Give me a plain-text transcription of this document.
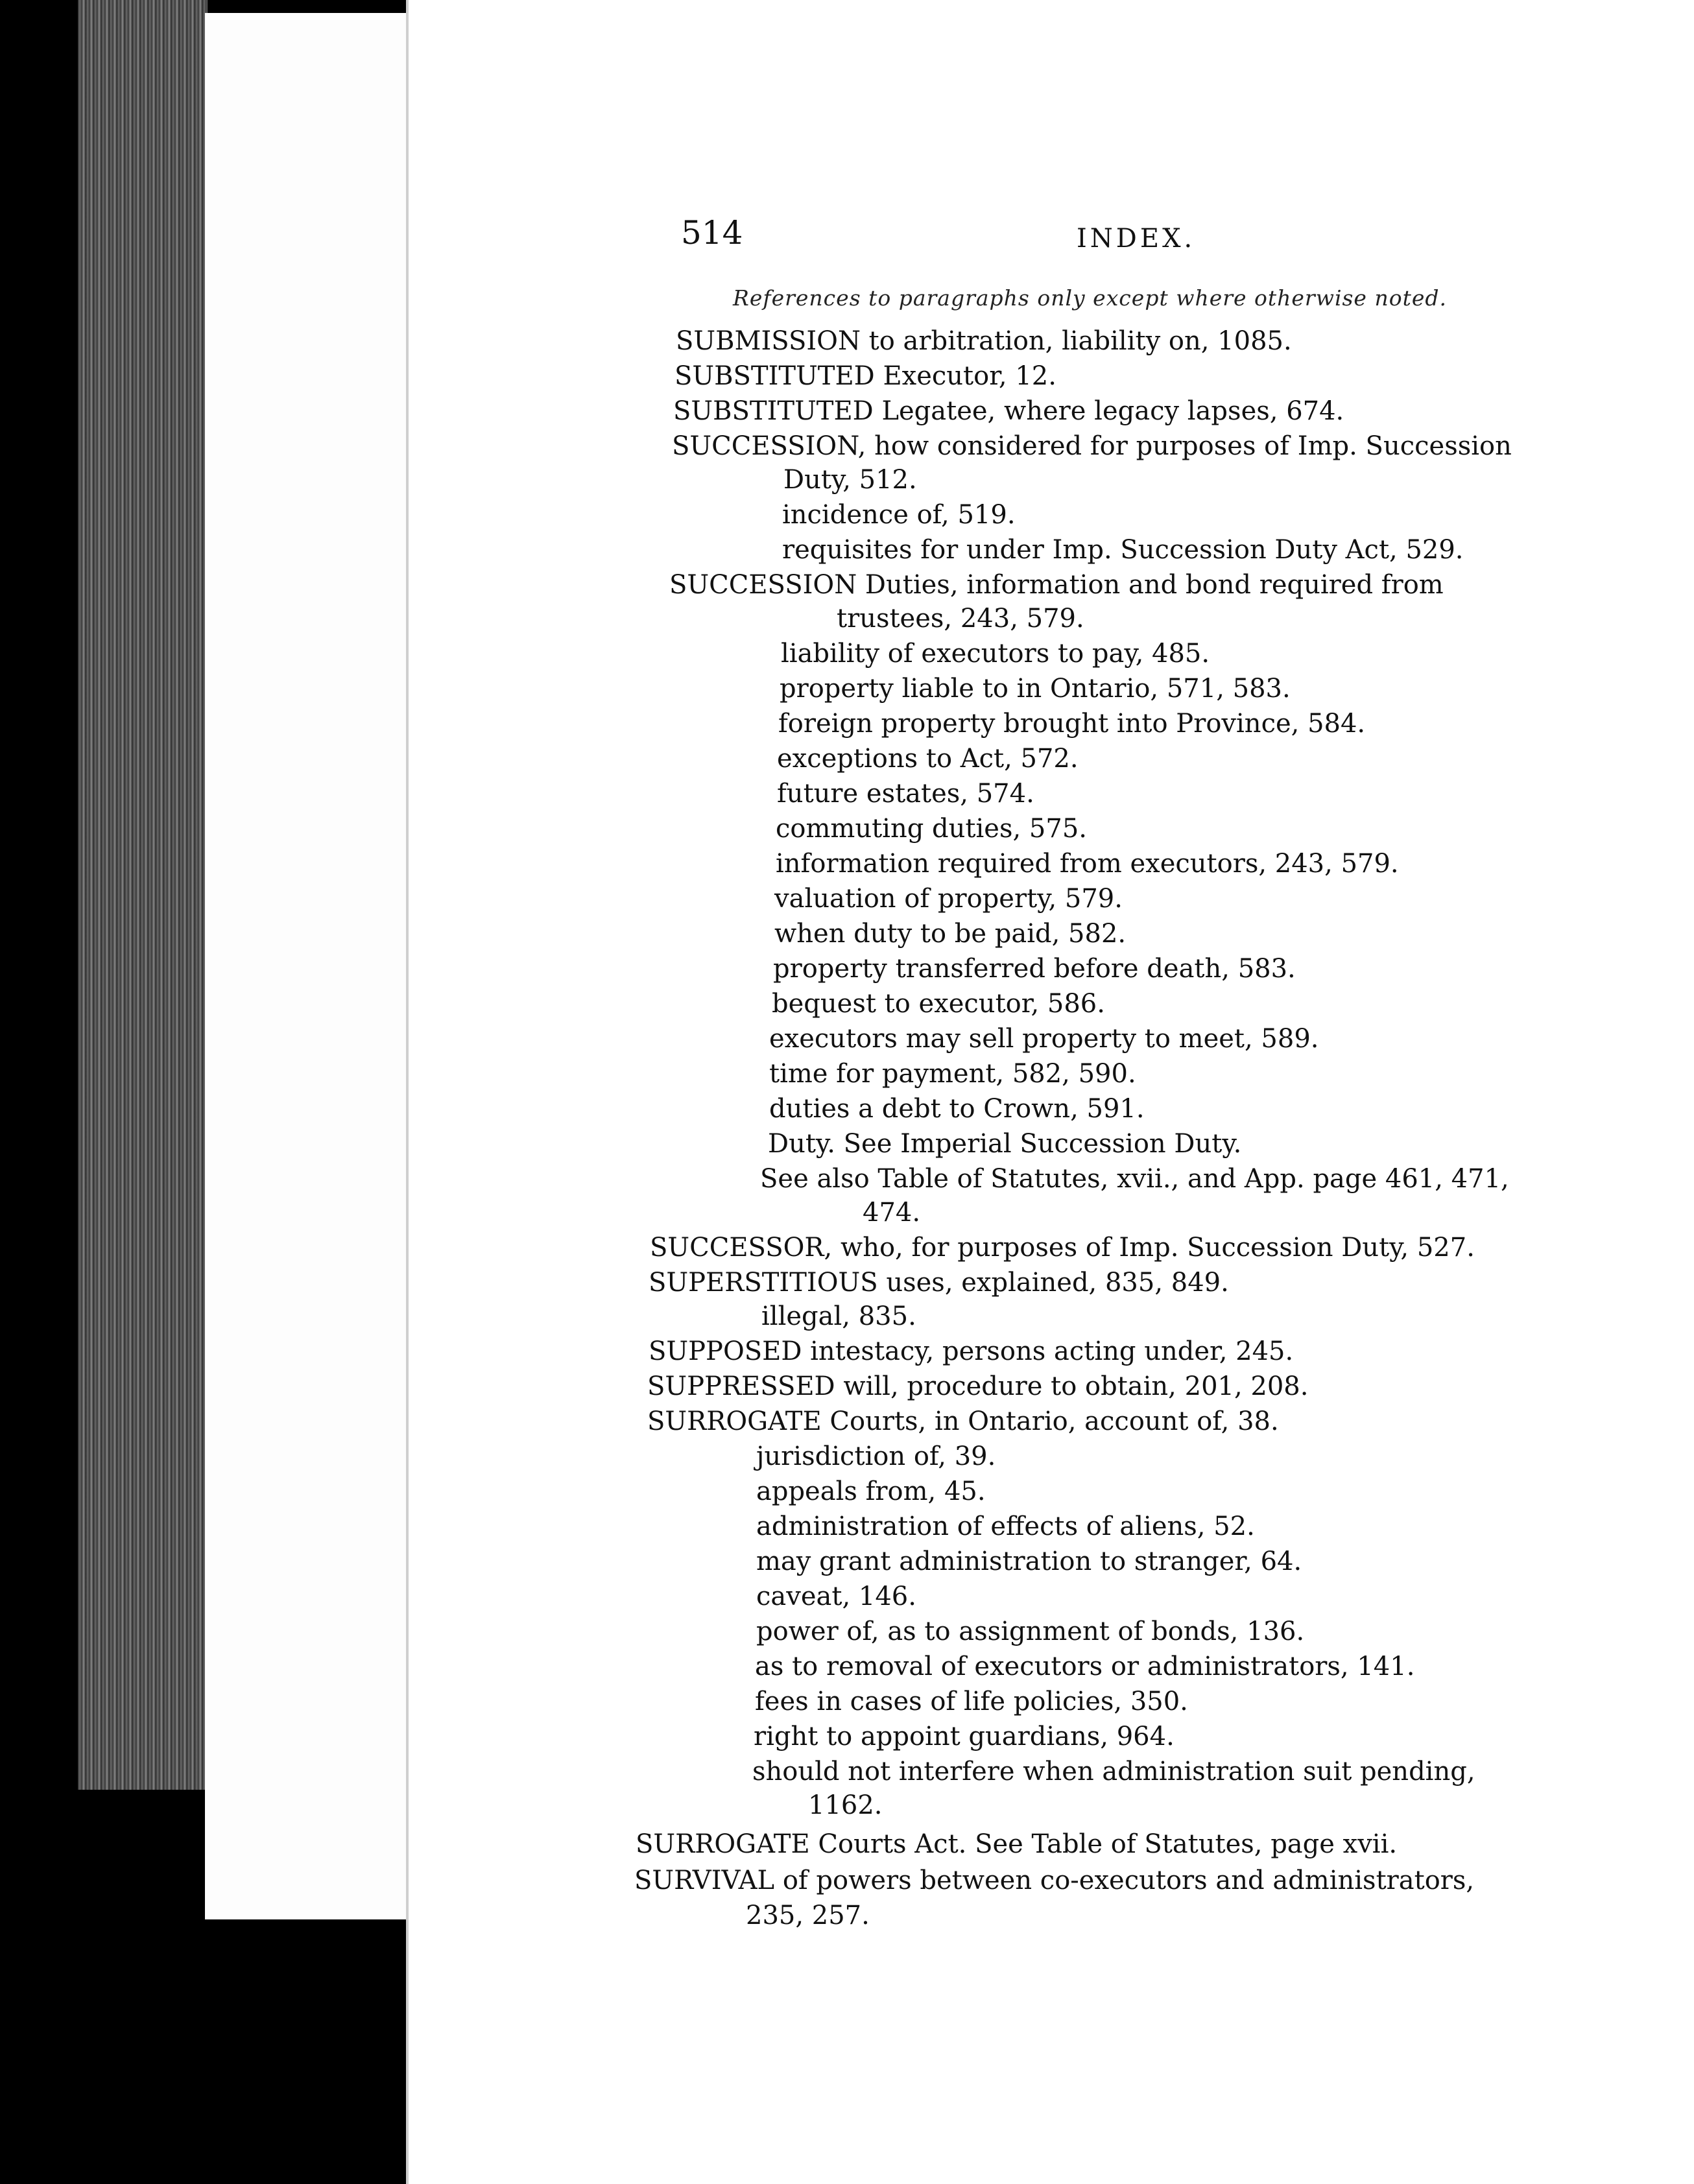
514	INDEX.
References to paragraphs only except where otherwise noted.
SUBMISSION to arbitration, liability on, 1085.
SUBSTITUTED Executor, 12.
SUBSTITUTED Legatee, where legacy lapses, 674.
SUCCESSION, how considered for purposes of Imp. Succession
Duty, 512.
incidence of, 519.
requisites for under Imp. Succession Duty Act, 529.
SUCCESSION Duties, information and bond required from
trustees, 243, 579.
liability of executors to pay, 485.
property liable to in Ontario, 571, 583.
foreign property brought into Province, 584.
exceptions to Act, 572.
future estates, 574.
commuting duties, 575.
information required from executors, 243, 579.
valuation of property, 579.
when duty to be paid, 582.
property transferred before death, 583.
bequest to executor, 586.
executors may sell property to meet, 589.
time for payment, 582, 590.
duties a debt to Crown, 591.
Duty. See Imperial Succession Duty.
See also Table of Statutes, xvii., and App. page 461, 471,
474.
SUCCESSOR, who, for purposes of Imp. Succession Duty, 527.
SUPERSTITIOUS uses, explained, 835, 849.
illegal, 835.
SUPPOSED intestacy, persons acting under, 245.
SUPPRESSED will, procedure to obtain, 201, 208.
SURROGATE Courts, in Ontario, account of, 38.
jurisdiction of, 39.
appeals from, 45.
administration of effects of aliens, 52.
may grant administration to stranger, 64.
caveat, 146.
power of, as to assignment of bonds, 136.
as to removal of executors or administrators, 141.
fees in cases of life policies, 350.
right to appoint guardians, 964.
should not interfere when administration suit pending,
1162.
SURROGATE Courts Act. See Table of Statutes, page xvii.
SURVIVAL of powers between co-executors and administrators,
235, 257.
